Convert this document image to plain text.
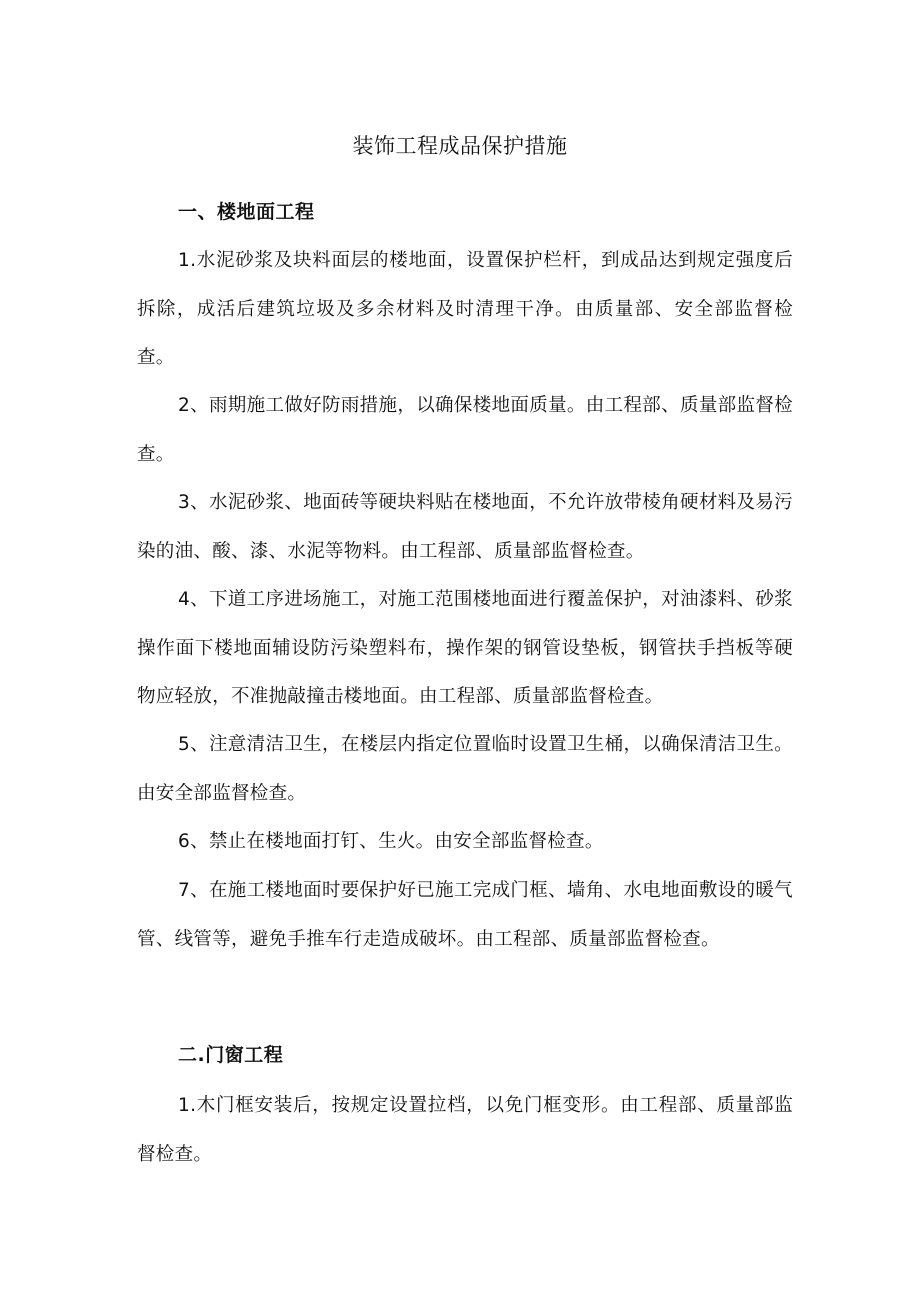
装饰工程成品保护措施
一、楼地面工程
1.水泥砂浆及块料面层的楼地面，设置保护栏杆，到成品达到规定强度后拆除，成活后建筑垃圾及多余材料及时清理干净。由质量部、安全部监督检查。
2、雨期施工做好防雨措施，以确保楼地面质量。由工程部、质量部监督检查。
3、水泥砂浆、地面砖等硬块料贴在楼地面，不允许放带棱角硬材料及易污染的油、酸、漆、水泥等物料。由工程部、质量部监督检查。
4、下道工序进场施工，对施工范围楼地面进行覆盖保护，对油漆料、砂浆操作面下楼地面辅设防污染塑料布，操作架的钢管设垫板，钢管扶手挡板等硬物应轻放，不准抛敲撞击楼地面。由工程部、质量部监督检查。
5、注意清洁卫生，在楼层内指定位置临时设置卫生桶，以确保清洁卫生。由安全部监督检查。
6、禁止在楼地面打钉、生火。由安全部监督检查。
7、在施工楼地面时要保护好已施工完成门框、墙角、水电地面敷设的暖气管、线管等，避免手推车行走造成破坏。由工程部、质量部监督检查。
二.门窗工程
1.木门框安装后，按规定设置拉档，以免门框变形。由工程部、质量部监督检查。
